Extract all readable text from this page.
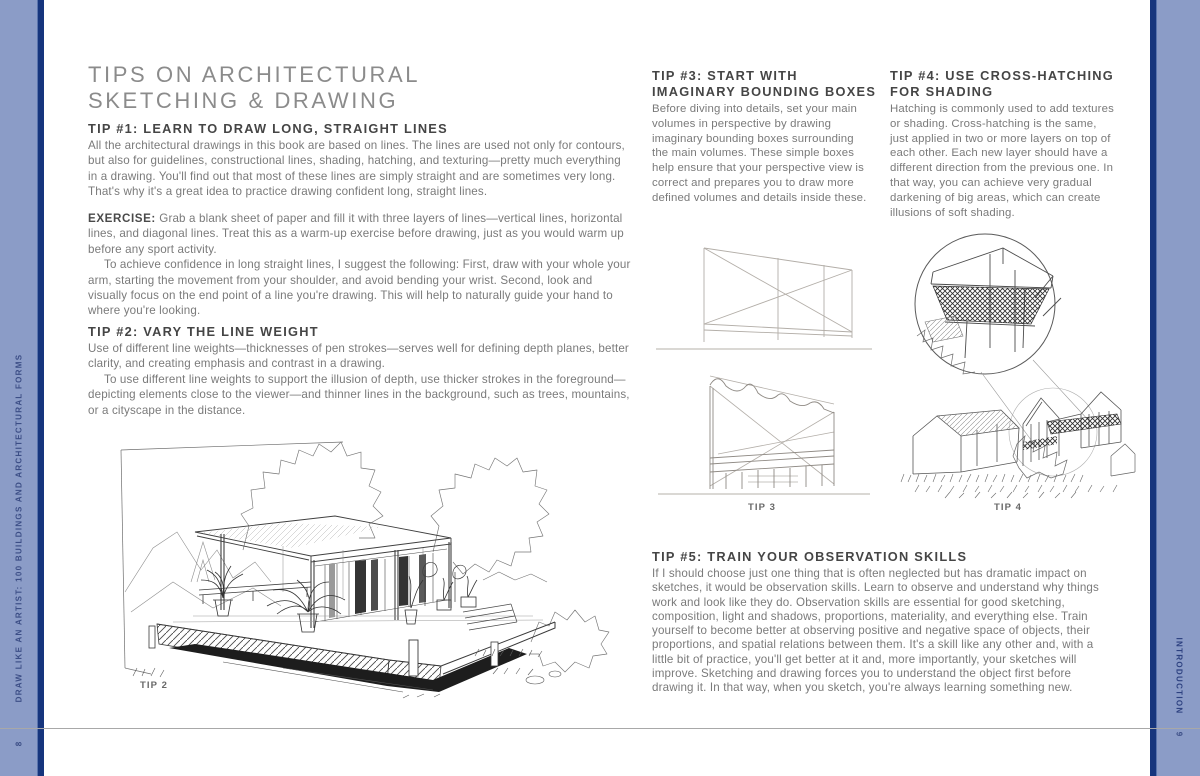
DRAW LIKE AN ARTIST: 100 BUILDINGS AND ARCHITECTURAL FORMS	INTRODUCTION
8
9
TIPS ON ARCHITECTURAL
SKETCHING & DRAWING
TIP #1: LEARN TO DRAW LONG, STRAIGHT LINES

All the architectural drawings in this book are based on lines. The lines are used not only for contours, but also for guidelines, constructional lines, shading, hatching, and texturing—pretty much everything in a drawing. You'll find out that most of these lines are simply straight and are sometimes very long. That's why it's a great idea to practice drawing confident long, straight lines.

EXERCISE: Grab a blank sheet of paper and fill it with three layers of lines—vertical lines, horizontal lines, and diagonal lines. Treat this as a warm-up exercise before drawing, just as you would warm up before any sport activity.

To achieve confidence in long straight lines, I suggest the following: First, draw with your whole your arm, starting the movement from your shoulder, and avoid bending your wrist. Second, look and visually focus on the end point of a line you're drawing. This will help to naturally guide your hand to where you're looking.

TIP #2: VARY THE LINE WEIGHT

Use of different line weights—thicknesses of pen strokes—serves well for defining depth planes, better clarity, and creating emphasis and contrast in a drawing.

To use different line weights to support the illusion of depth, use thicker strokes in the foreground—depicting elements close to the viewer—and thinner lines in the background, such as trees, mountains, or a cityscape in the distance.

TIP 2
TIP #3: START WITH
IMAGINARY BOUNDING BOXES
Before diving into details, set your main volumes in perspective by drawing imaginary bounding boxes surrounding the main volumes. These simple boxes help ensure that your perspective view is correct and prepares you to draw more defined volumes and details inside these.
TIP #4: USE CROSS-HATCHING
FOR SHADING
Hatching is commonly used to add textures or shading. Cross-hatching is the same, just applied in two or more layers on top of each other. Each new layer should have a different direction from the previous one. In that way, you can achieve very gradual darkening of big areas, which can create illusions of soft shading.
TIP 3	TIP 4
TIP #5: TRAIN YOUR OBSERVATION SKILLS
If I should choose just one thing that is often neglected but has dramatic impact on sketches, it would be observation skills. Learn to observe and understand why things work and look like they do. Observation skills are essential for good sketching, composition, light and shadows, proportions, materiality, and everything else. Train yourself to become better at observing positive and negative space of objects, their proportions, and spatial relations between them. It's a skill like any other and, with a little bit of practice, you'll get better at it and, more importantly, your sketches will improve. Sketching and drawing forces you to understand the object first before drawing it. In that way, when you sketch, you're always learning something new.
